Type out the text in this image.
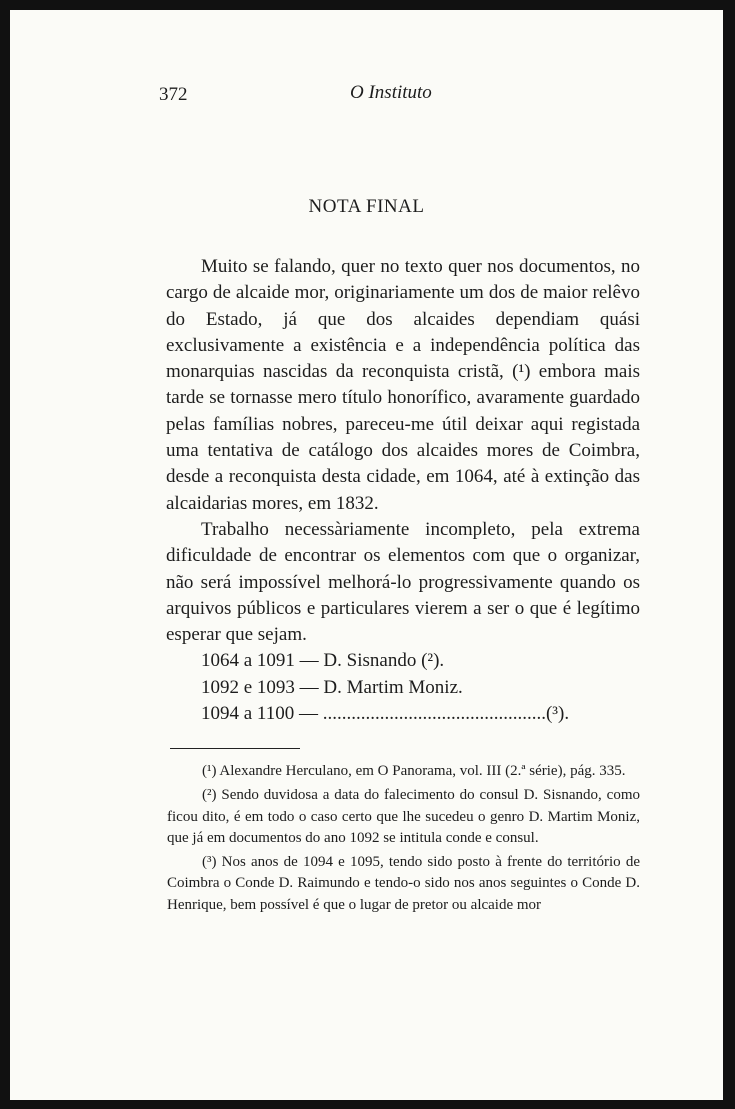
372	O Instituto
NOTA FINAL

Muito se falando, quer no texto quer nos documentos, no cargo de alcaide mor, originariamente um dos de maior relêvo do Estado, já que dos alcaides dependiam quási exclusivamente a existência e a independência política das monarquias nascidas da reconquista cristã, (¹) embora mais tarde se tornasse mero título honorífico, avaramente guardado pelas famílias nobres, pareceu-me útil deixar aqui registada uma tentativa de catálogo dos alcaides mores de Coimbra, desde a reconquista desta cidade, em 1064, até à extinção das alcaidarias mores, em 1832.

Trabalho necessàriamente incompleto, pela extrema dificuldade de encontrar os elementos com que o organizar, não será impossível melhorá-lo progressivamente quando os arquivos públicos e particulares vierem a ser o que é legítimo esperar que sejam.

1064 a 1091 — D. Sisnando (²).
1092 e 1093 — D. Martim Moniz.
1094 a 1100 — ...............................................(³).

(¹) Alexandre Herculano, em O Panorama, vol. III (2.ª série), pág. 335.

(²) Sendo duvidosa a data do falecimento do consul D. Sisnando, como ficou dito, é em todo o caso certo que lhe sucedeu o genro D. Martim Moniz, que já em documentos do ano 1092 se intitula conde e consul.

(³) Nos anos de 1094 e 1095, tendo sido posto à frente do território de Coimbra o Conde D. Raimundo e tendo-o sido nos anos seguintes o Conde D. Henrique, bem possível é que o lugar de pretor ou alcaide mor
